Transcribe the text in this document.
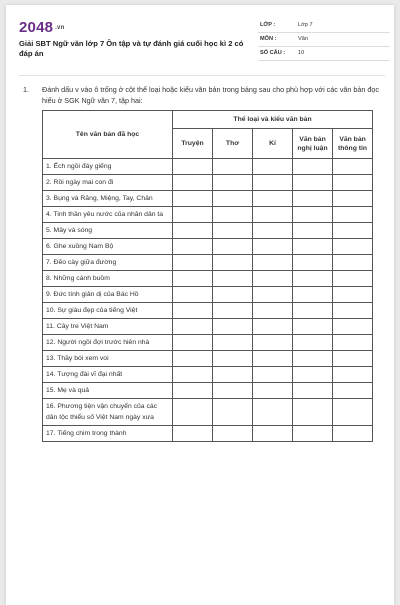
2048 .vn
Giải SBT Ngữ văn lớp 7 Ôn tập và tự đánh giá cuối học kì 2 có đáp án
LỚP :	Lớp 7
MÔN :	Văn
SỐ CÂU : 10
1. Đánh dấu v vào ô trống ở cột thể loại hoặc kiểu văn bản trong bảng sau cho phù hợp với các văn bản đọc hiểu ở SGK Ngữ văn 7, tập hai:
Tên văn bản đã học	Thể loại và kiểu văn bản				
	Truyện	Thơ	Kí	Văn bản nghị luận	Văn bản thông tin
1. Ếch ngồi đáy giếng					
2. Rồi ngày mai con đi					
3. Bụng và Răng, Miệng, Tay, Chân					
4. Tinh thần yêu nước của nhân dân ta					
5. Mây và sóng					
6. Ghe xuồng Nam Bộ					
7. Đẽo cày giữa đường					
8. Những cánh buồm					
9. Đức tính giản dị của Bác Hồ					
10. Sự giàu đẹp của tiếng Việt					
11. Cây tre Việt Nam					
12. Người ngồi đợi trước hiên nhà					
13. Thầy bói xem voi					
14. Tượng đài vĩ đại nhất					
15. Mẹ và quả					
16. Phương tiện vận chuyển của các dân tộc thiểu số Việt Nam ngày xưa					
17. Tiếng chim trong thành					
